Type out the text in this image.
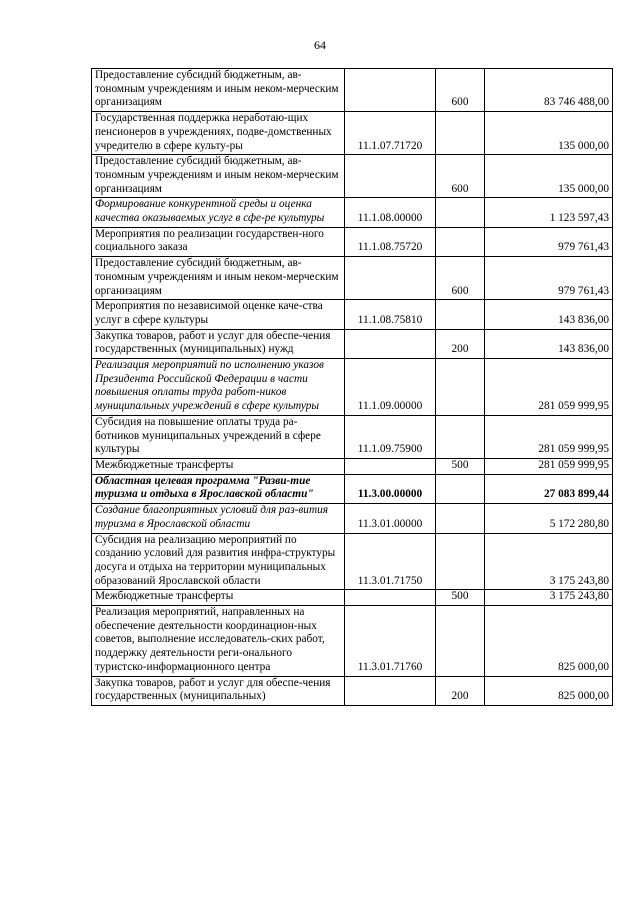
64
Предоставление субсидий бюджетным, ав-тономным учреждениям и иным неком-мерческим организациям		600	83 746 488,00
Государственная поддержка неработаю-щих пенсионеров в учреждениях, подве-домственных учредителю в сфере культу-ры	11.1.07.71720		135 000,00
Предоставление субсидий бюджетным, ав-тономным учреждениям и иным неком-мерческим организациям		600	135 000,00
Формирование конкурентной среды и оценка качества оказываемых услуг в сфе-ре культуры	11.1.08.00000		1 123 597,43
Мероприятия по реализации государствен-ного социального заказа	11.1.08.75720		979 761,43
Предоставление субсидий бюджетным, ав-тономным учреждениям и иным неком-мерческим организациям		600	979 761,43
Мероприятия по независимой оценке каче-ства услуг в сфере культуры	11.1.08.75810		143 836,00
Закупка товаров, работ и услуг для обеспе-чения государственных (муниципальных) нужд		200	143 836,00
Реализация мероприятий по исполнению указов Президента Российской Федерации в части повышения оплаты труда работ-ников муниципальных учреждений в сфере культуры	11.1.09.00000		281 059 999,95
Субсидия на повышение оплаты труда ра-ботников муниципальных учреждений в сфере культуры	11.1.09.75900		281 059 999,95
Межбюджетные трансферты		500	281 059 999,95
Областная целевая программа "Разви-тие туризма и отдыха в Ярославской области"	11.3.00.00000		27 083 899,44
Создание благоприятных условий для раз-вития туризма в Ярославской области	11.3.01.00000		5 172 280,80
Субсидия на реализацию мероприятий по созданию условий для развития инфра-структуры досуга и отдыха на территории муниципальных образований Ярославской области	11.3.01.71750		3 175 243,80
Межбюджетные трансферты		500	3 175 243,80
Реализация мероприятий, направленных на обеспечение деятельности координацион-ных советов, выполнение исследователь-ских работ, поддержку деятельности реги-онального туристско-информационного центра	11.3.01.71760		825 000,00
Закупка товаров, работ и услуг для обеспе-чения государственных (муниципальных)		200	825 000,00
